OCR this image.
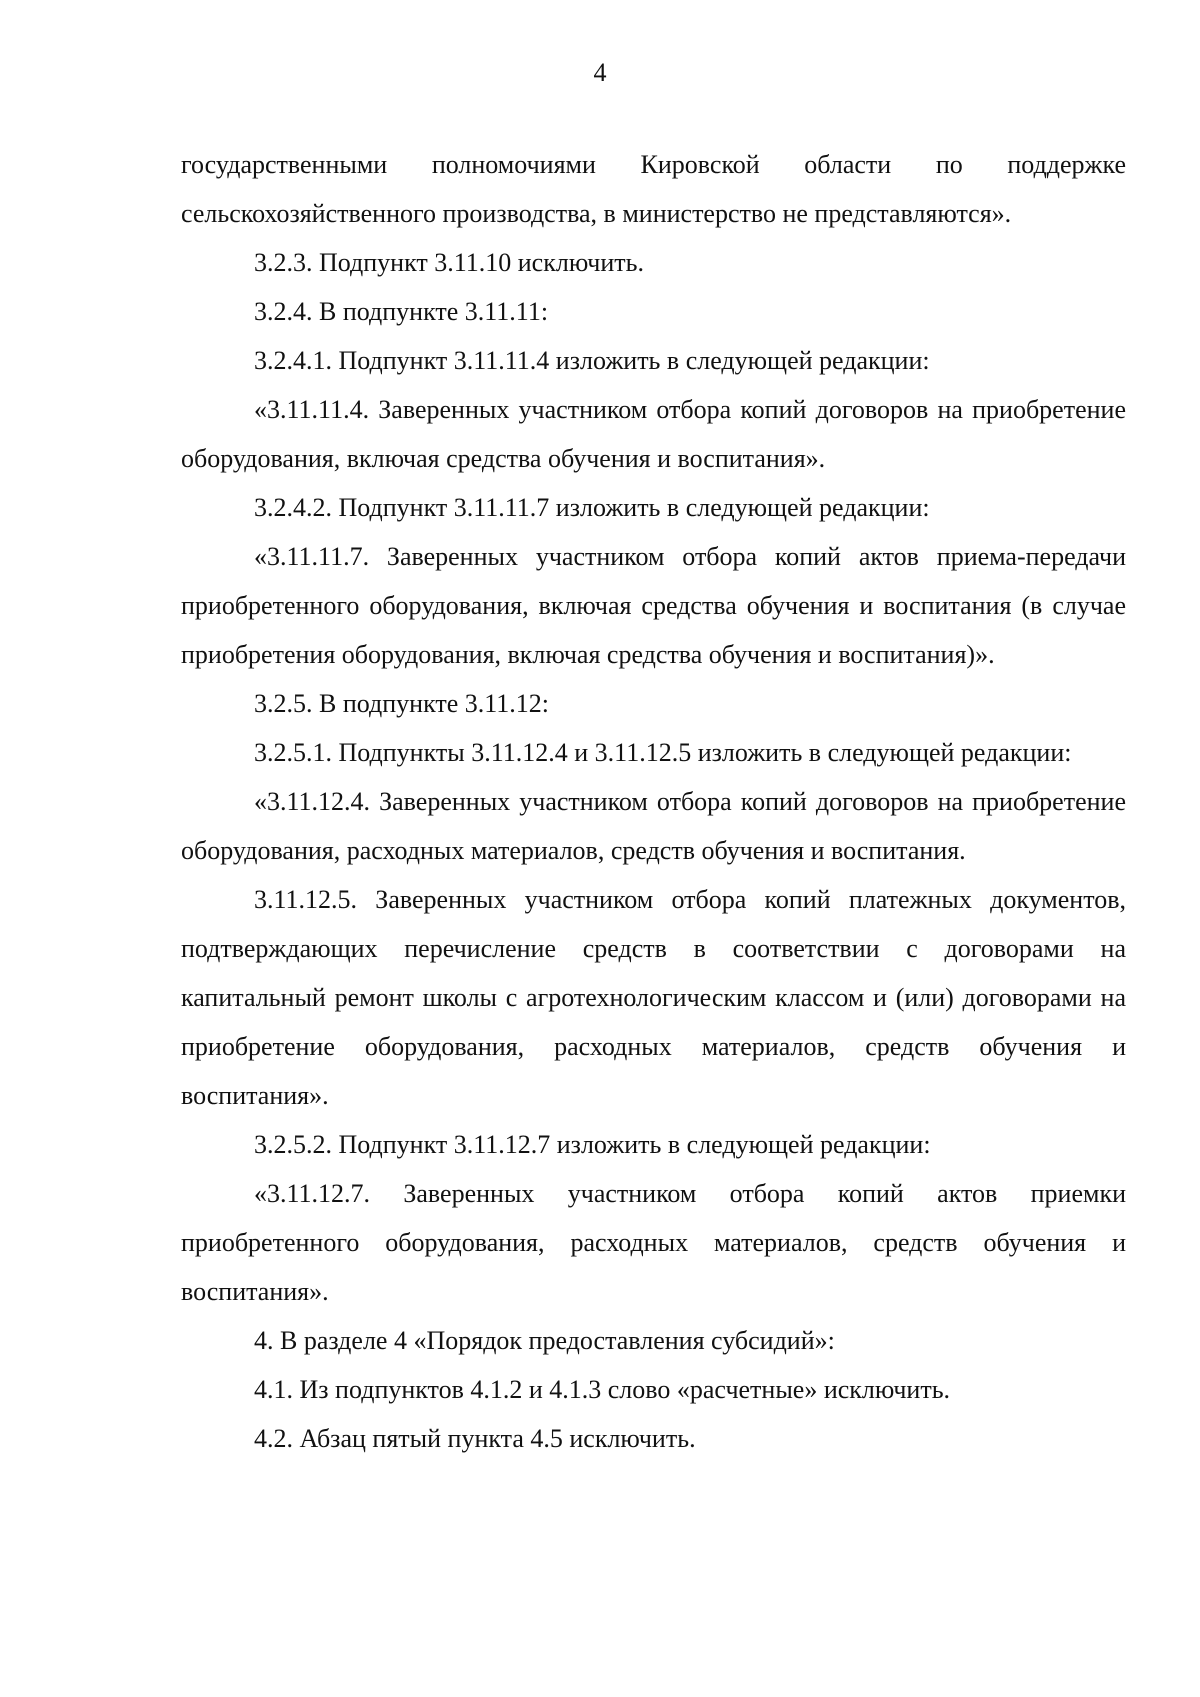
4

государственными полномочиями Кировской области по поддержке сельскохозяйственного производства, в министерство не представляются».

3.2.3. Подпункт 3.11.10 исключить.

3.2.4. В подпункте 3.11.11:

3.2.4.1. Подпункт 3.11.11.4 изложить в следующей редакции:

«3.11.11.4. Заверенных участником отбора копий договоров на приобретение оборудования, включая средства обучения и воспитания».

3.2.4.2. Подпункт 3.11.11.7 изложить в следующей редакции:

«3.11.11.7. Заверенных участником отбора копий актов приема-передачи приобретенного оборудования, включая средства обучения и воспитания (в случае приобретения оборудования, включая средства обучения и воспитания)».

3.2.5. В подпункте 3.11.12:

3.2.5.1. Подпункты 3.11.12.4 и 3.11.12.5 изложить в следующей редакции:

«3.11.12.4. Заверенных участником отбора копий договоров на приобретение оборудования, расходных материалов, средств обучения и воспитания.

3.11.12.5. Заверенных участником отбора копий платежных документов, подтверждающих перечисление средств в соответствии с договорами на капитальный ремонт школы с агротехнологическим классом и (или) договорами на приобретение оборудования, расходных материалов, средств обучения и воспитания».

3.2.5.2. Подпункт 3.11.12.7 изложить в следующей редакции:

«3.11.12.7. Заверенных участником отбора копий актов приемки приобретенного оборудования, расходных материалов, средств обучения и воспитания».

4. В разделе 4 «Порядок предоставления субсидий»:

4.1. Из подпунктов 4.1.2 и 4.1.3 слово «расчетные» исключить.

4.2. Абзац пятый пункта 4.5 исключить.
